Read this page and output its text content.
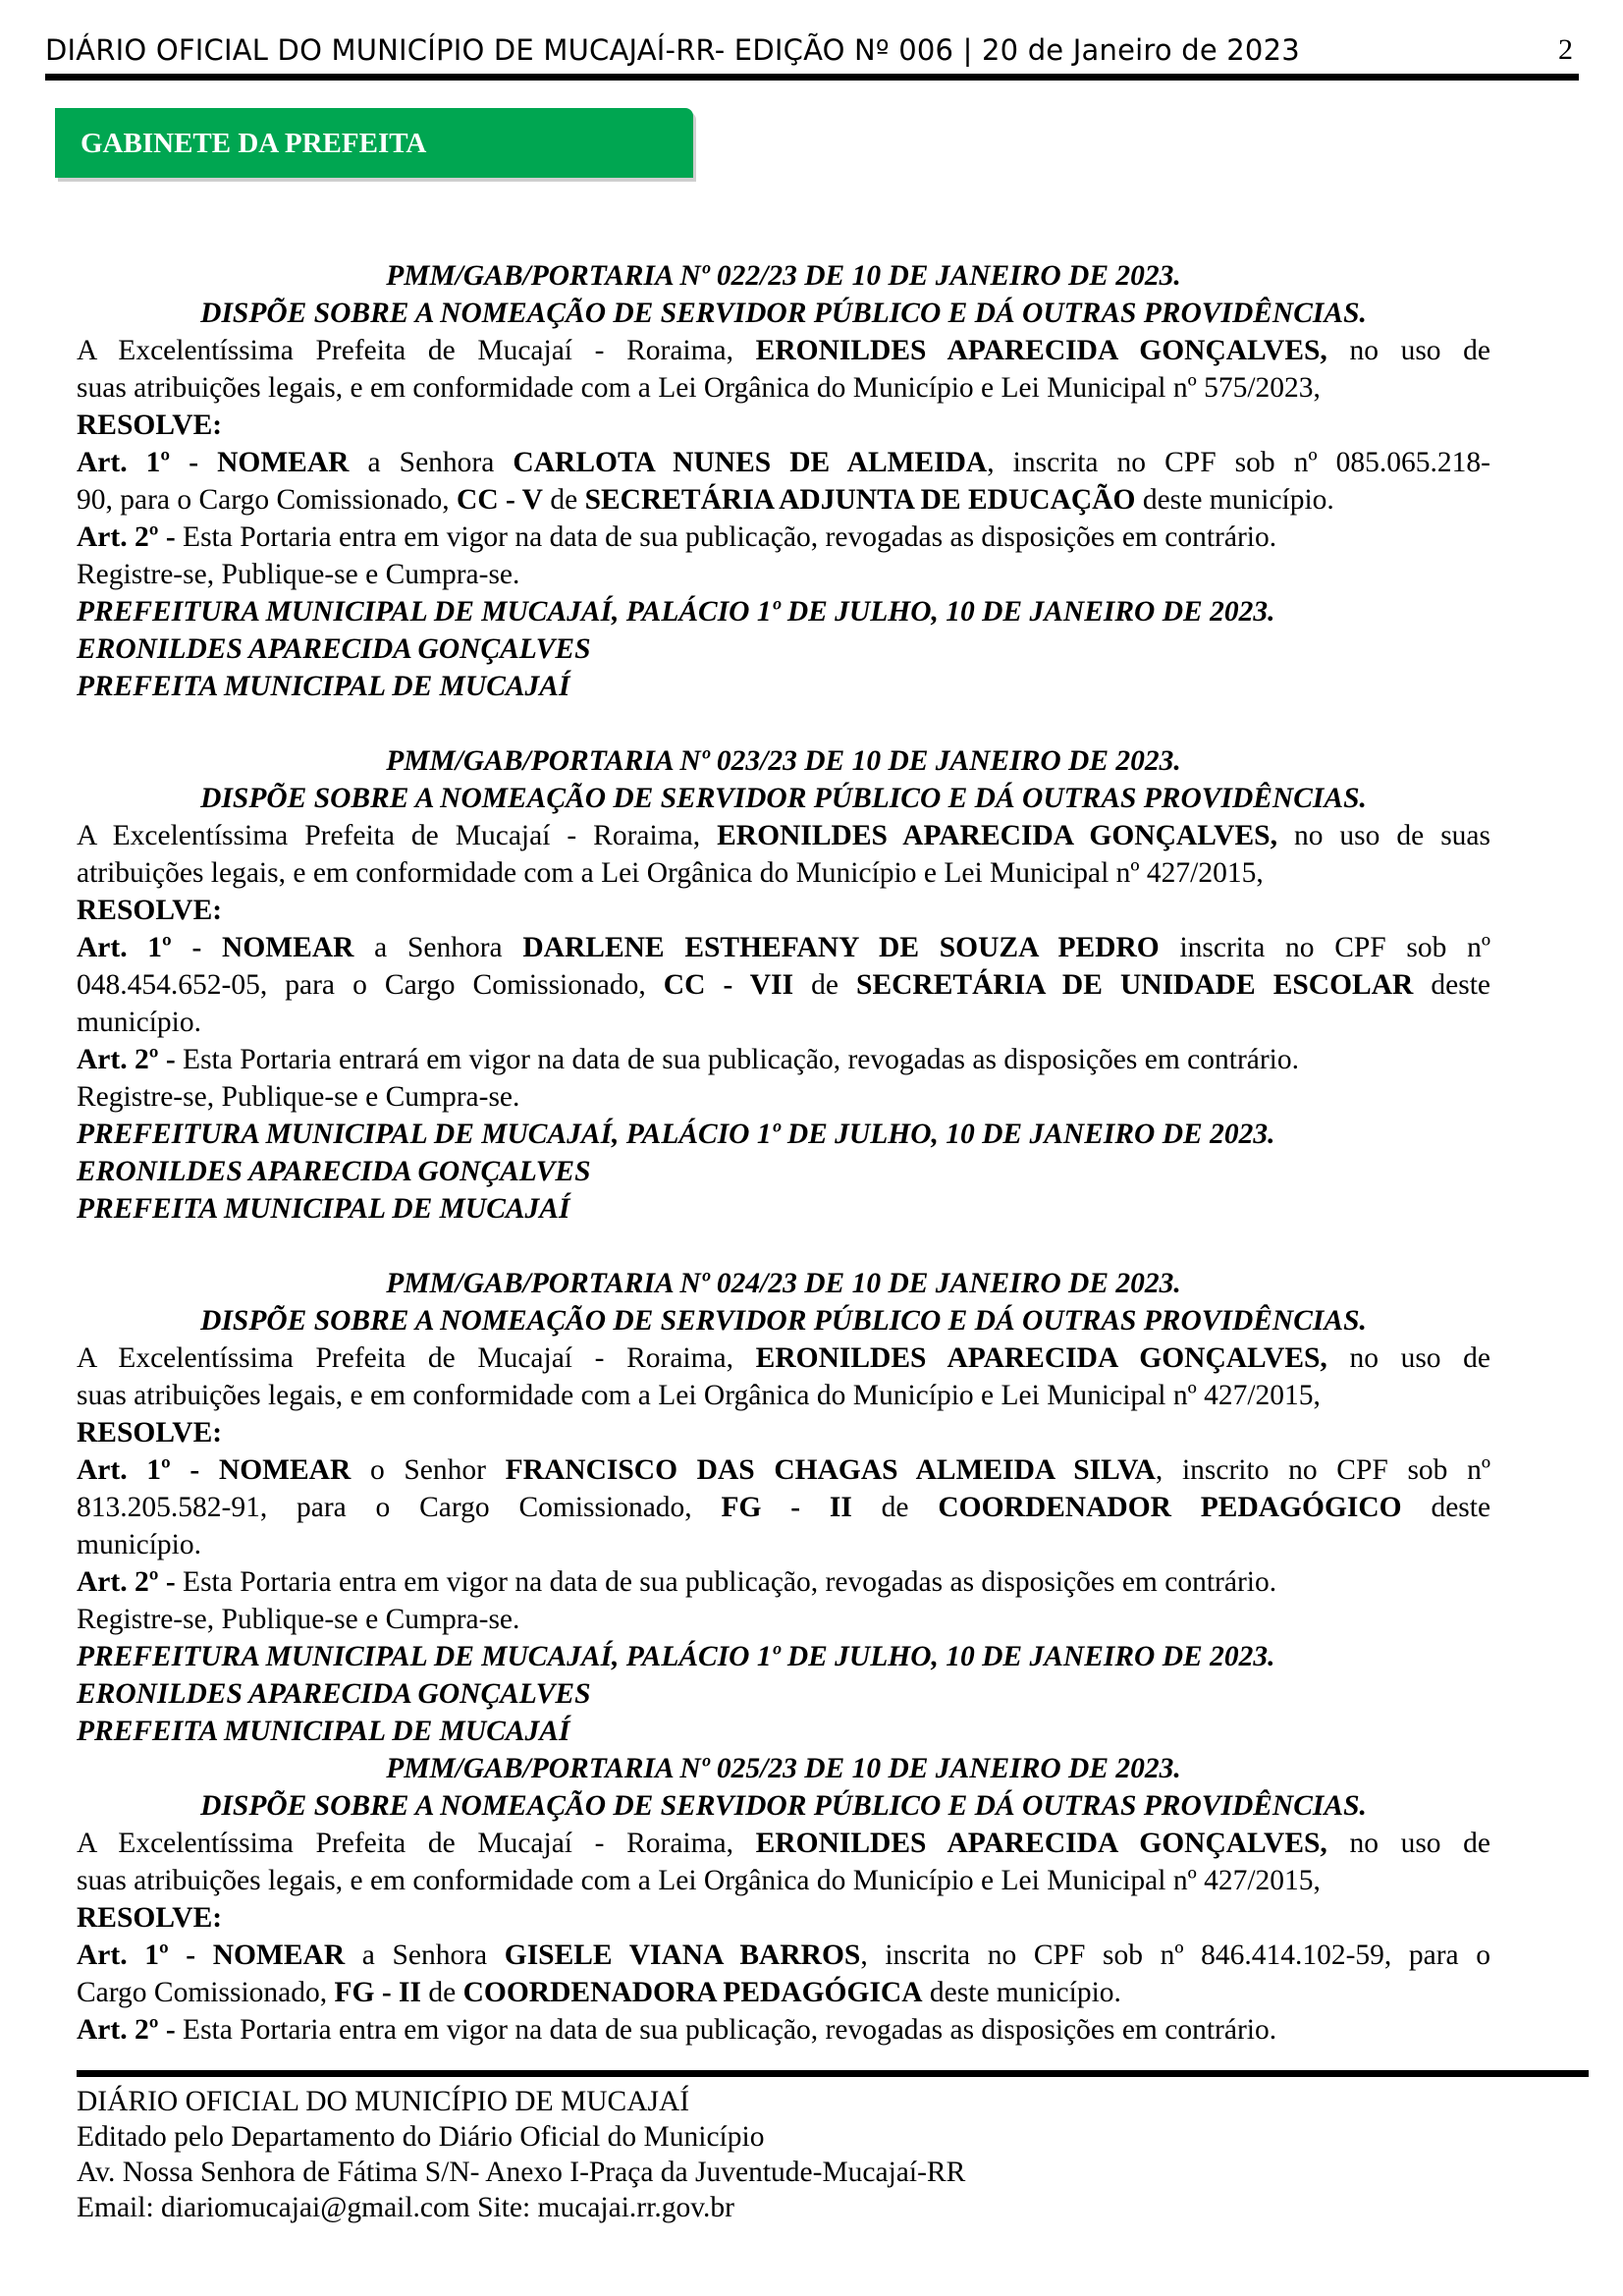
DIÁRIO OFICIAL DO MUNICÍPIO DE MUCAJAÍ-RR- EDIÇÃO Nº 006 | 20 de Janeiro de 2023	2
GABINETE DA PREFEITA
PMM/GAB/PORTARIA Nº 022/23 DE 10 DE JANEIRO DE 2023.
DISPÕE SOBRE A NOMEAÇÃO DE SERVIDOR PÚBLICO E DÁ OUTRAS PROVIDÊNCIAS.
A Excelentíssima Prefeita de Mucajaí - Roraima, ERONILDES APARECIDA GONÇALVES, no uso de
suas atribuições legais, e em conformidade com a Lei Orgânica do Município e Lei Municipal nº 575/2023,
RESOLVE:
Art. 1º - NOMEAR a Senhora CARLOTA NUNES DE ALMEIDA, inscrita no CPF sob nº 085.065.218-
90, para o Cargo Comissionado, CC - V de SECRETÁRIA ADJUNTA DE EDUCAÇÃO deste município.
Art. 2º - Esta Portaria entra em vigor na data de sua publicação, revogadas as disposições em contrário.
Registre-se, Publique-se e Cumpra-se.
PREFEITURA MUNICIPAL DE MUCAJAÍ, PALÁCIO 1º DE JULHO, 10 DE JANEIRO DE 2023.
ERONILDES APARECIDA GONÇALVES
PREFEITA MUNICIPAL DE MUCAJAÍ
PMM/GAB/PORTARIA Nº 023/23 DE 10 DE JANEIRO DE 2023.
DISPÕE SOBRE A NOMEAÇÃO DE SERVIDOR PÚBLICO E DÁ OUTRAS PROVIDÊNCIAS.
A Excelentíssima Prefeita de Mucajaí - Roraima, ERONILDES APARECIDA GONÇALVES, no uso de suas
atribuições legais, e em conformidade com a Lei Orgânica do Município e Lei Municipal nº 427/2015,
RESOLVE:
Art. 1º - NOMEAR a Senhora DARLENE ESTHEFANY DE SOUZA PEDRO inscrita no CPF sob nº
048.454.652-05, para o Cargo Comissionado, CC - VII de SECRETÁRIA DE UNIDADE ESCOLAR deste
município.
Art. 2º - Esta Portaria entrará em vigor na data de sua publicação, revogadas as disposições em contrário.
Registre-se, Publique-se e Cumpra-se.
PREFEITURA MUNICIPAL DE MUCAJAÍ, PALÁCIO 1º DE JULHO, 10 DE JANEIRO DE 2023.
ERONILDES APARECIDA GONÇALVES
PREFEITA MUNICIPAL DE MUCAJAÍ
PMM/GAB/PORTARIA Nº 024/23 DE 10 DE JANEIRO DE 2023.
DISPÕE SOBRE A NOMEAÇÃO DE SERVIDOR PÚBLICO E DÁ OUTRAS PROVIDÊNCIAS.
A Excelentíssima Prefeita de Mucajaí - Roraima, ERONILDES APARECIDA GONÇALVES, no uso de
suas atribuições legais, e em conformidade com a Lei Orgânica do Município e Lei Municipal nº 427/2015,
RESOLVE:
Art. 1º - NOMEAR o Senhor FRANCISCO DAS CHAGAS ALMEIDA SILVA, inscrito no CPF sob nº
813.205.582-91, para o Cargo Comissionado, FG - II de COORDENADOR PEDAGÓGICO deste
município.
Art. 2º - Esta Portaria entra em vigor na data de sua publicação, revogadas as disposições em contrário.
Registre-se, Publique-se e Cumpra-se.
PREFEITURA MUNICIPAL DE MUCAJAÍ, PALÁCIO 1º DE JULHO, 10 DE JANEIRO DE 2023.
ERONILDES APARECIDA GONÇALVES
PREFEITA MUNICIPAL DE MUCAJAÍ
PMM/GAB/PORTARIA Nº 025/23 DE 10 DE JANEIRO DE 2023.
DISPÕE SOBRE A NOMEAÇÃO DE SERVIDOR PÚBLICO E DÁ OUTRAS PROVIDÊNCIAS.
A Excelentíssima Prefeita de Mucajaí - Roraima, ERONILDES APARECIDA GONÇALVES, no uso de
suas atribuições legais, e em conformidade com a Lei Orgânica do Município e Lei Municipal nº 427/2015,
RESOLVE:
Art. 1º - NOMEAR a Senhora GISELE VIANA BARROS, inscrita no CPF sob nº 846.414.102-59, para o
Cargo Comissionado, FG - II de COORDENADORA PEDAGÓGICA deste município.
Art. 2º - Esta Portaria entra em vigor na data de sua publicação, revogadas as disposições em contrário.
DIÁRIO OFICIAL DO MUNICÍPIO DE MUCAJAÍ
Editado pelo Departamento do Diário Oficial do Município
Av. Nossa Senhora de Fátima S/N- Anexo I-Praça da Juventude-Mucajaí-RR
Email: diariomucajai@gmail.com Site: mucajai.rr.gov.br
